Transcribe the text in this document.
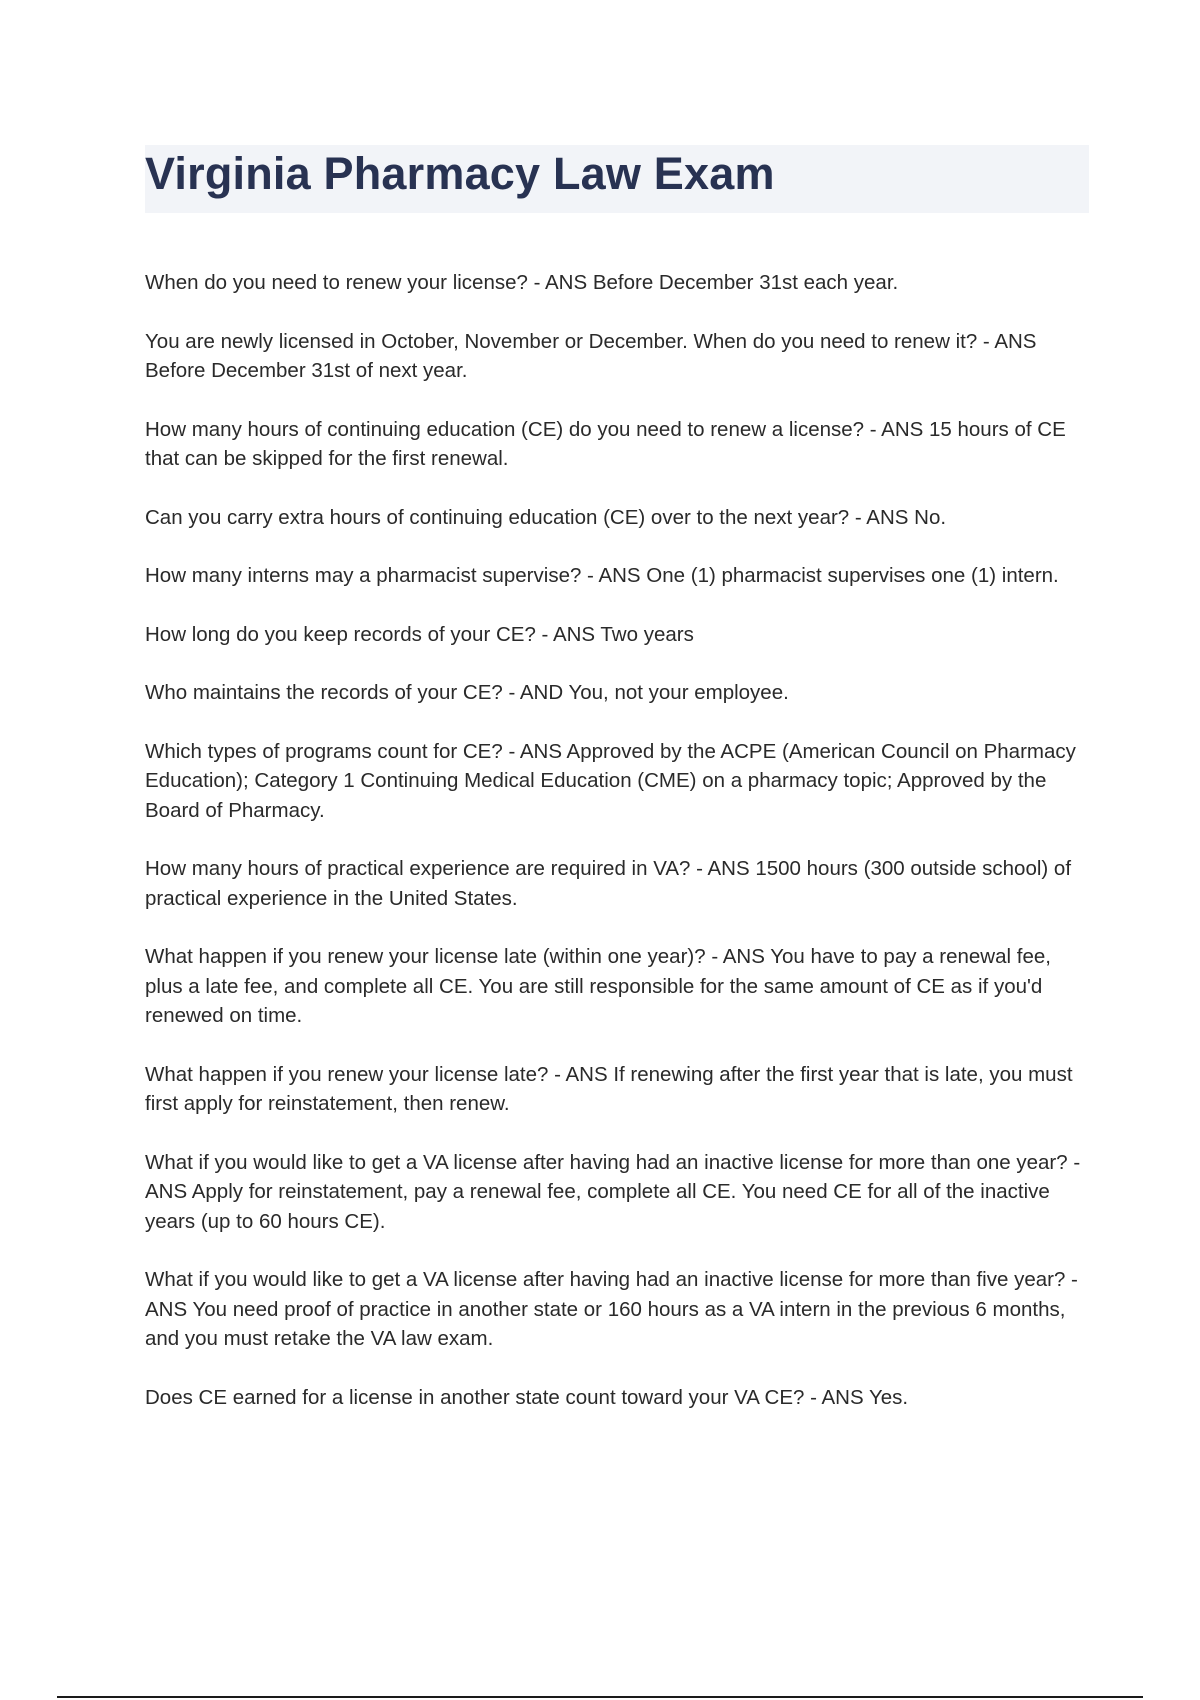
Virginia Pharmacy Law Exam
When do you need to renew your license? - ANS Before December 31st each year.
You are newly licensed in October, November or December. When do you need to renew it? - ANS Before December 31st of next year.
How many hours of continuing education (CE) do you need to renew a license? - ANS 15 hours of CE that can be skipped for the first renewal.
Can you carry extra hours of continuing education (CE) over to the next year? - ANS No.
How many interns may a pharmacist supervise? - ANS One (1) pharmacist supervises one (1) intern.
How long do you keep records of your CE? - ANS Two years
Who maintains the records of your CE? - AND You, not your employee.
Which types of programs count for CE? - ANS Approved by the ACPE (American Council on Pharmacy Education); Category 1 Continuing Medical Education (CME) on a pharmacy topic; Approved by the Board of Pharmacy.
How many hours of practical experience are required in VA? - ANS 1500 hours (300 outside school) of practical experience in the United States.
What happen if you renew your license late (within one year)? - ANS You have to pay a renewal fee, plus a late fee, and complete all CE. You are still responsible for the same amount of CE as if you'd renewed on time.
What happen if you renew your license late? - ANS If renewing after the first year that is late, you must first apply for reinstatement, then renew.
What if you would like to get a VA license after having had an inactive license for more than one year? - ANS Apply for reinstatement, pay a renewal fee, complete all CE. You need CE for all of the inactive years (up to 60 hours CE).
What if you would like to get a VA license after having had an inactive license for more than five year? - ANS You need proof of practice in another state or 160 hours as a VA intern in the previous 6 months, and you must retake the VA law exam.
Does CE earned for a license in another state count toward your VA CE? - ANS Yes.
